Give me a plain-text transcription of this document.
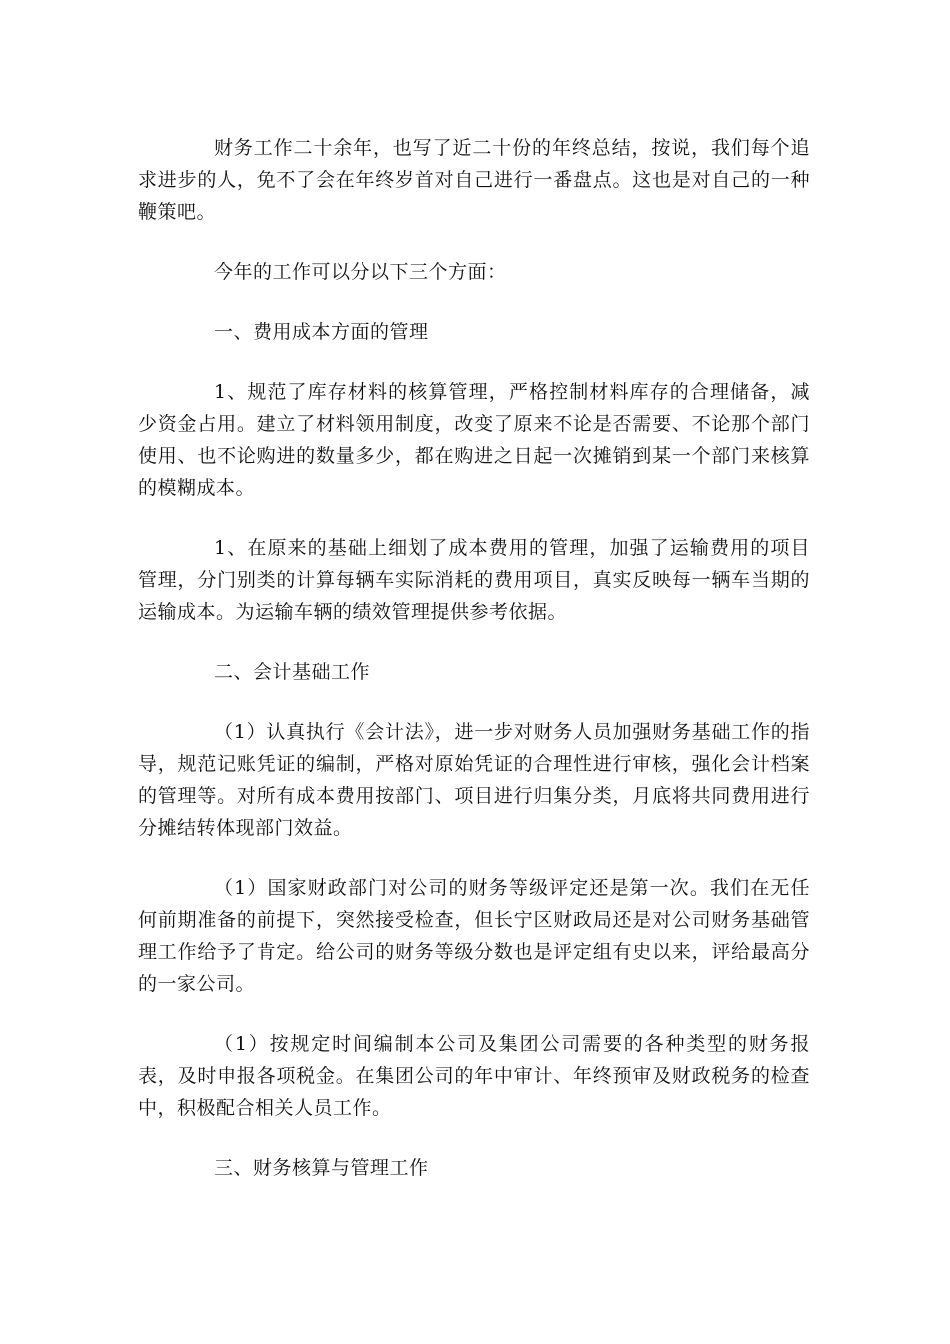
财务工作二十余年，也写了近二十份的年终总结，按说，我们每个追求进步的人，免不了会在年终岁首对自己进行一番盘点。这也是对自己的一种鞭策吧。

今年的工作可以分以下三个方面：

一、费用成本方面的管理

1、规范了库存材料的核算管理，严格控制材料库存的合理储备，减少资金占用。建立了材料领用制度，改变了原来不论是否需要、不论那个部门使用、也不论购进的数量多少，都在购进之日起一次摊销到某一个部门来核算的模糊成本。

1、在原来的基础上细划了成本费用的管理，加强了运输费用的项目管理，分门别类的计算每辆车实际消耗的费用项目，真实反映每一辆车当期的运输成本。为运输车辆的绩效管理提供参考依据。

二、会计基础工作

（1）认真执行《会计法》，进一步对财务人员加强财务基础工作的指导，规范记账凭证的编制，严格对原始凭证的合理性进行审核，强化会计档案的管理等。对所有成本费用按部门、项目进行归集分类，月底将共同费用进行分摊结转体现部门效益。

（1）国家财政部门对公司的财务等级评定还是第一次。我们在无任何前期准备的前提下，突然接受检查，但长宁区财政局还是对公司财务基础管理工作给予了肯定。给公司的财务等级分数也是评定组有史以来，评给最高分的一家公司。

（1）按规定时间编制本公司及集团公司需要的各种类型的财务报表，及时申报各项税金。在集团公司的年中审计、年终预审及财政税务的检查中，积极配合相关人员工作。

三、财务核算与管理工作
